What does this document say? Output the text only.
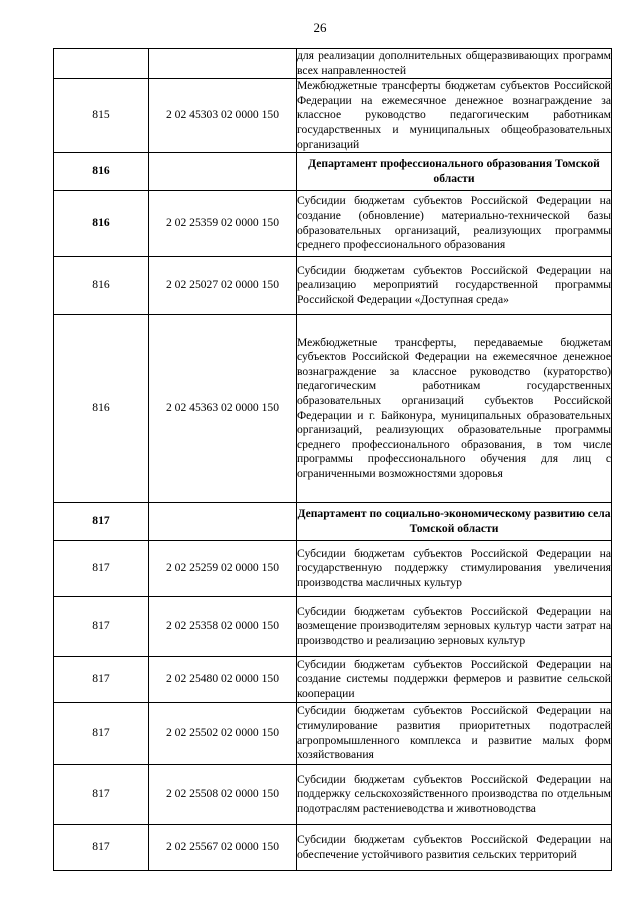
26

		для реализации дополнительных общеразвивающих программ всех направленностей

815	2 02 45303 02 0000 150	Межбюджетные трансферты бюджетам субъектов Российской Федерации на ежемесячное денежное вознаграждение за классное руководство педагогическим работникам государственных и муниципальных общеобразовательных организаций

816		Департамент профессионального образования Томской области

816	2 02 25359 02 0000 150	Субсидии бюджетам субъектов Российской Федерации на создание (обновление) материально-технической базы образовательных организаций, реализующих программы среднего профессионального образования

816	2 02 25027 02 0000 150	Субсидии бюджетам субъектов Российской Федерации на реализацию мероприятий государственной программы Российской Федерации «Доступная среда»

816	2 02 45363 02 0000 150	Межбюджетные трансферты, передаваемые бюджетам субъектов Российской Федерации на ежемесячное денежное вознаграждение за классное руководство (кураторство) педагогическим работникам государственных образовательных организаций субъектов Российской Федерации и г. Байконура, муниципальных образовательных организаций, реализующих образовательные программы среднего профессионального образования, в том числе программы профессионального обучения для лиц с ограниченными возможностями здоровья

817		Департамент по социально-экономическому развитию села Томской области

817	2 02 25259 02 0000 150	Субсидии бюджетам субъектов Российской Федерации на государственную поддержку стимулирования увеличения производства масличных культур

817	2 02 25358 02 0000 150	Субсидии бюджетам субъектов Российской Федерации на возмещение производителям зерновых культур части затрат на производство и реализацию зерновых культур

817	2 02 25480 02 0000 150	Субсидии бюджетам субъектов Российской Федерации на создание системы поддержки фермеров и развитие сельской кооперации

817	2 02 25502 02 0000 150	Субсидии бюджетам субъектов Российской Федерации на стимулирование развития приоритетных подотраслей агропромышленного комплекса и развитие малых форм хозяйствования

817	2 02 25508 02 0000 150	Субсидии бюджетам субъектов Российской Федерации на поддержку сельскохозяйственного производства по отдельным подотраслям растениеводства и животноводства

817	2 02 25567 02 0000 150	Субсидии бюджетам субъектов Российской Федерации на обеспечение устойчивого развития сельских территорий
